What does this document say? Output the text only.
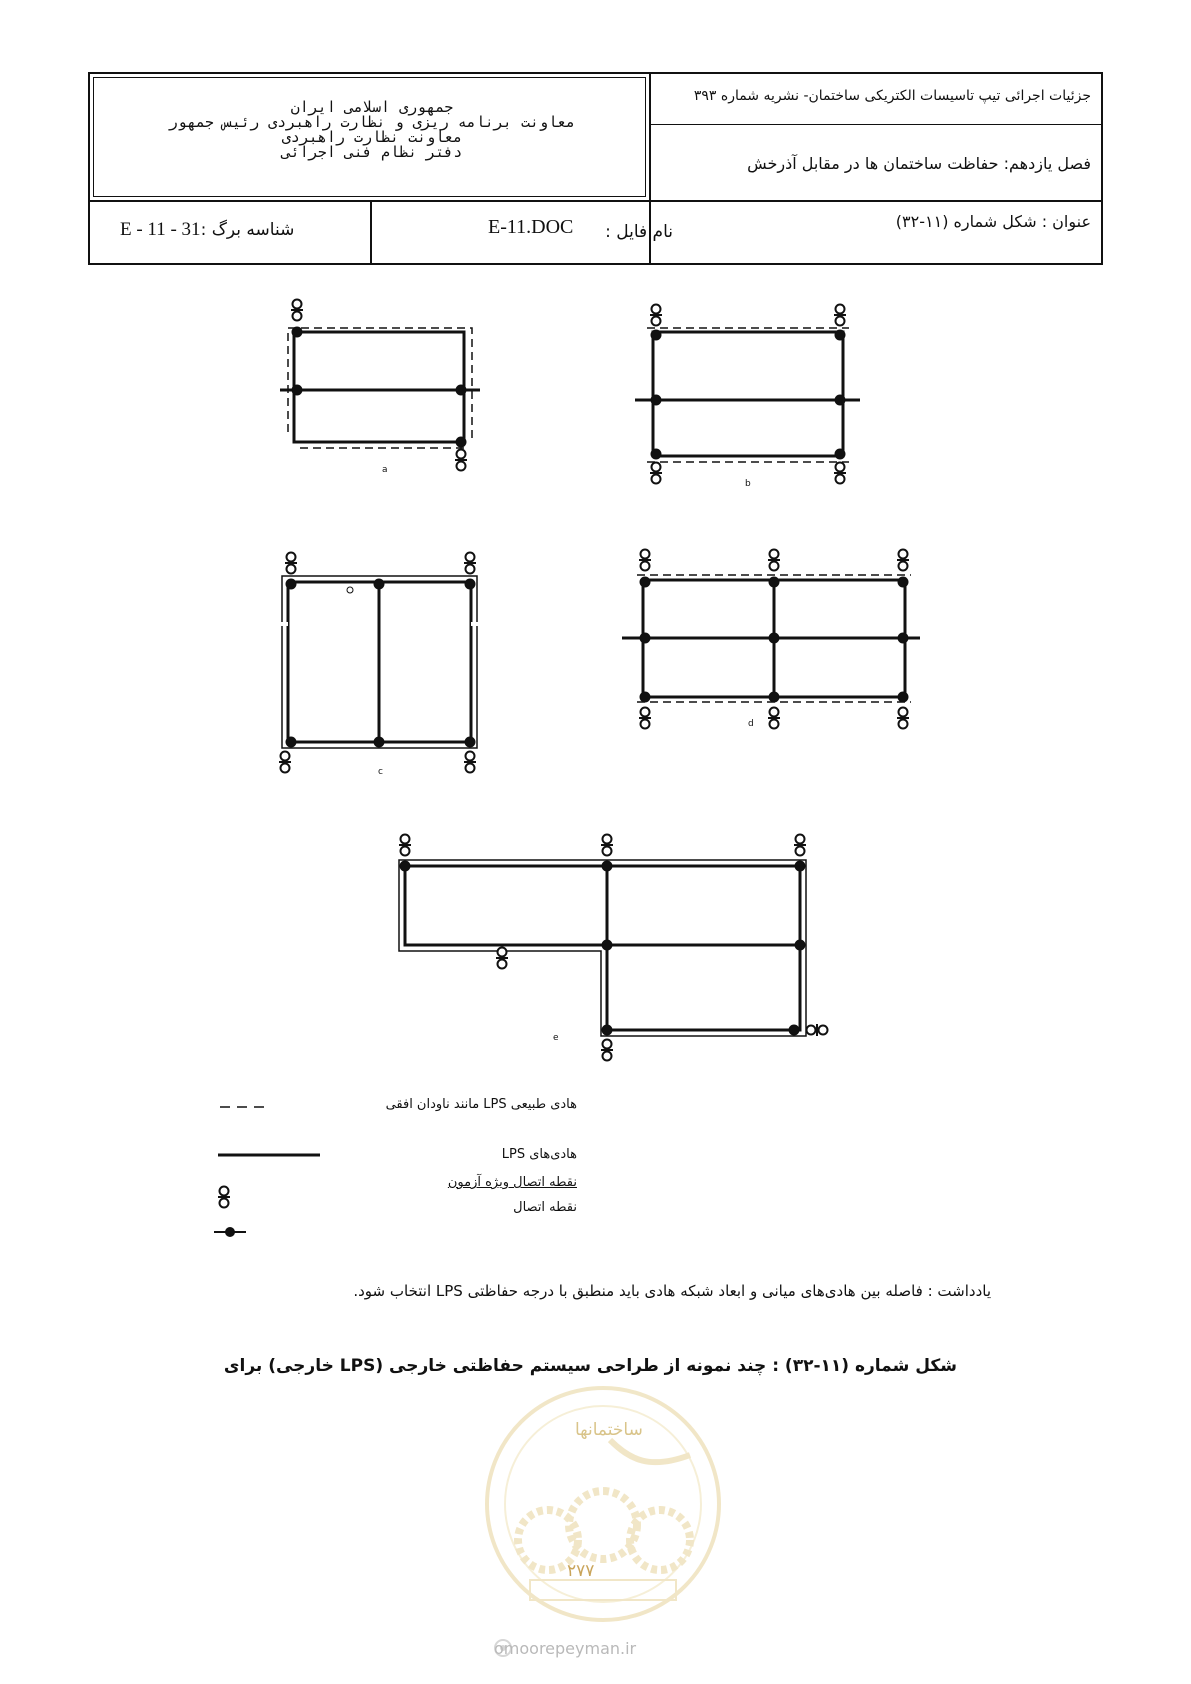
جزئیات اجرائی تیپ تاسیسات الکتریکی ساختمان- نشریه شماره ۳۹۳
فصل یازدهم: حفاظت ساختمان ها در مقابل آذرخش
عنوان : شکل شماره (۱۱-۳۲)
جمهوری اسلامی ایران
معاونت برنامه ریزی و نظارت راهبردی رئیس جمهور
معاونت نظارت راهبردی
دفتر نظام فنی اجرائی
نام فایل :
E-11.DOC
شناسه برگ :E - 11 - 31
a
b
c
d
e
هادی طبیعی LPS مانند ناودان افقی
هادی‌های LPS
نقطه اتصال ویژه آزمون
نقطه اتصال
یادداشت : فاصله بین هادی‌های میانی و ابعاد شبکه هادی باید منطبق با درجه حفاظتی LPS انتخاب شود.
شکل شماره (۱۱-۳۲) : چند نمونه از طراحی سیستم حفاظتی خارجی (LPS خارجی) برای
ساختمانها
۲۷۷
omoorepeyman.ir
